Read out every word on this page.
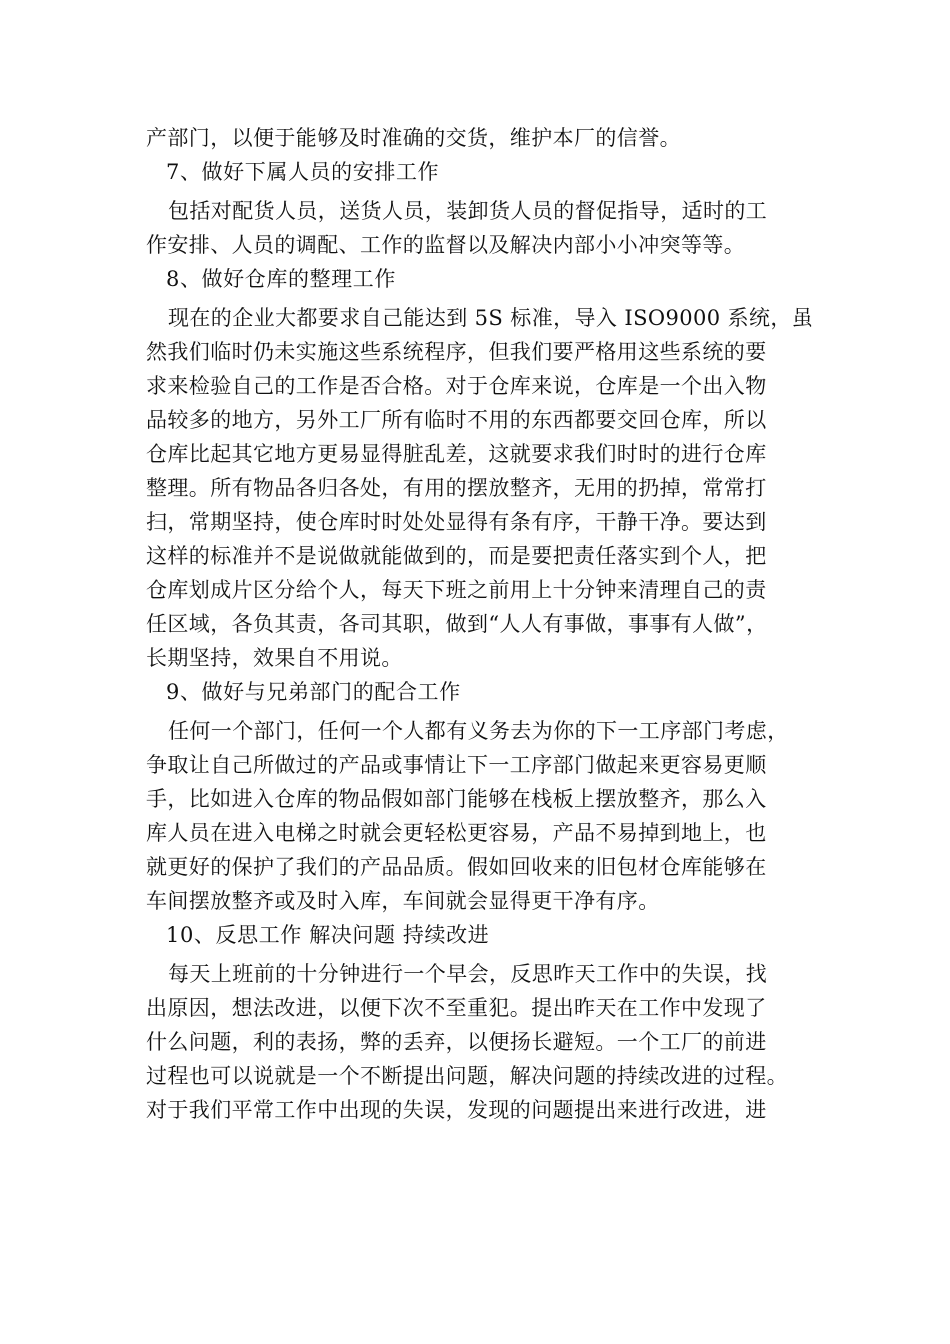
产部门，以便于能够及时准确的交货，维护本厂的信誉。
7、做好下属人员的安排工作
包括对配货人员，送货人员，装卸货人员的督促指导，适时的工
作安排、人员的调配、工作的监督以及解决内部小小冲突等等。
8、做好仓库的整理工作
现在的企业大都要求自己能达到 5S 标准，导入 ISO9000 系统，虽
然我们临时仍未实施这些系统程序，但我们要严格用这些系统的要
求来检验自己的工作是否合格。对于仓库来说，仓库是一个出入物
品较多的地方，另外工厂所有临时不用的东西都要交回仓库，所以
仓库比起其它地方更易显得脏乱差，这就要求我们时时的进行仓库
整理。所有物品各归各处，有用的摆放整齐，无用的扔掉，常常打
扫，常期坚持，使仓库时时处处显得有条有序，干静干净。要达到
这样的标准并不是说做就能做到的，而是要把责任落实到个人，把
仓库划成片区分给个人，每天下班之前用上十分钟来清理自己的责
任区域，各负其责，各司其职，做到“人人有事做，事事有人做”，
长期坚持，效果自不用说。
9、做好与兄弟部门的配合工作
任何一个部门，任何一个人都有义务去为你的下一工序部门考虑，
争取让自己所做过的产品或事情让下一工序部门做起来更容易更顺
手，比如进入仓库的物品假如部门能够在栈板上摆放整齐，那么入
库人员在进入电梯之时就会更轻松更容易，产品不易掉到地上，也
就更好的保护了我们的产品品质。假如回收来的旧包材仓库能够在
车间摆放整齐或及时入库，车间就会显得更干净有序。
10、反思工作 解决问题 持续改进
每天上班前的十分钟进行一个早会，反思昨天工作中的失误，找
出原因，想法改进，以便下次不至重犯。提出昨天在工作中发现了
什么问题，利的表扬，弊的丢弃，以便扬长避短。一个工厂的前进
过程也可以说就是一个不断提出问题，解决问题的持续改进的过程。
对于我们平常工作中出现的失误，发现的问题提出来进行改进，进
